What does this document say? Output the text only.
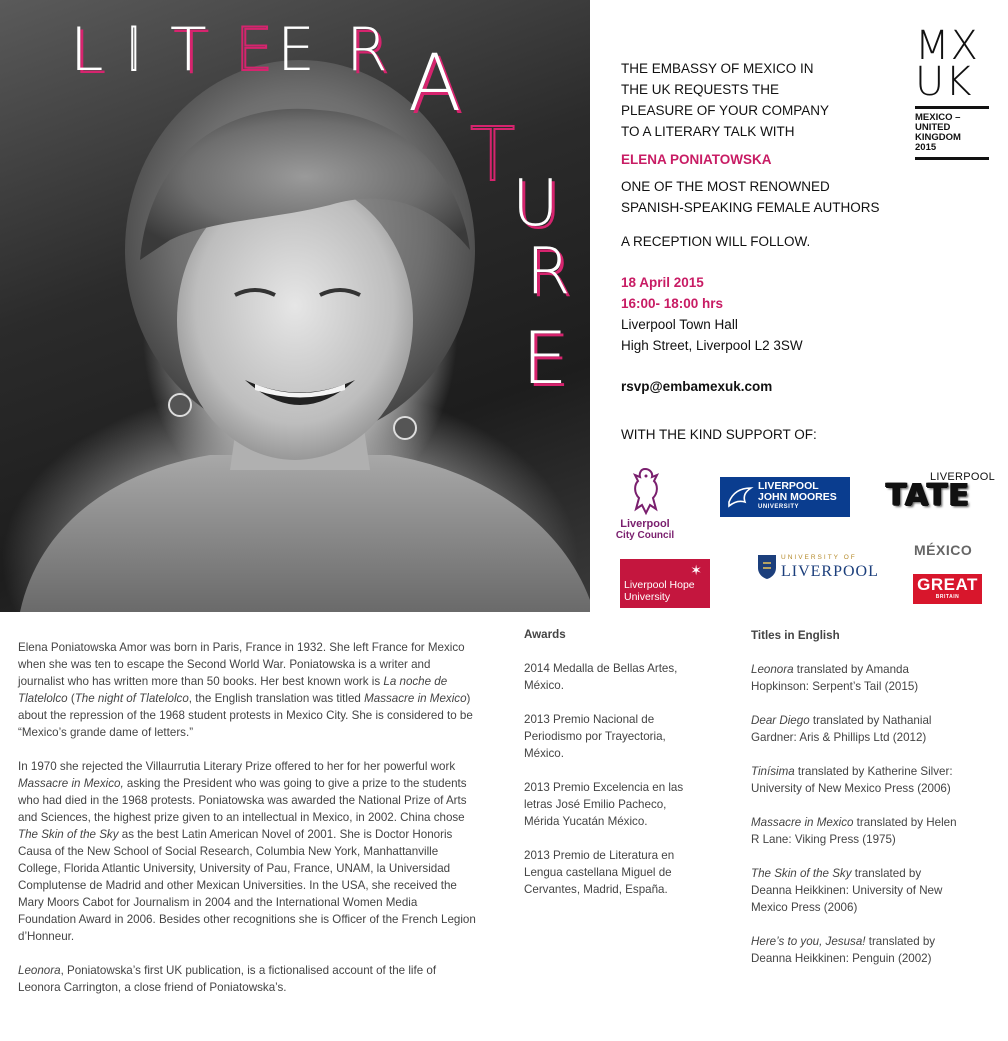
L I T E E R A
T
U
R
E
THE EMBASSY OF MEXICO IN
THE UK REQUESTS THE
PLEASURE OF YOUR COMPANY
TO A LITERARY TALK WITH
ELENA PONIATOWSKA
ONE OF THE MOST RENOWNED
SPANISH-SPEAKING FEMALE AUTHORS
A RECEPTION WILL FOLLOW.
18 April 2015
16:00- 18:00 hrs
Liverpool Town Hall
High Street, Liverpool L2 3SW
rsvp@embamexuk.com
WITH THE KIND SUPPORT OF:
MX
UK
MEXICO –
UNITED
KINGDOM
2015
Liverpool
City Council
LIVERPOOL
JOHN MOORES
UNIVERSITY
LIVERPOOL
TATE
MÉXICO
GREAT
BRITAIN
✶
Liverpool Hope
University
UNIVERSITY OF
LIVERPOOL

Elena Poniatowska Amor was born in Paris, France in 1932. She left France for Mexico when she was ten to escape the Second World War. Poniatowska is a writer and journalist who has written more than 50 books. Her best known work is La noche de Tlatelolco (The night of Tlatelolco, the English translation was titled Massacre in Mexico) about the repression of the 1968 student protests in Mexico City. She is considered to be “Mexico’s grande dame of letters.”

In 1970 she rejected the Villaurrutia Literary Prize offered to her for her powerful work Massacre in Mexico, asking the President who was going to give a prize to the students who had died in the 1968 protests. Poniatowska was awarded the National Prize of Arts and Sciences, the highest prize given to an intellectual in Mexico, in 2002. China chose The Skin of the Sky as the best Latin American Novel of 2001. She is Doctor Honoris Causa of the New School of Social Research, Columbia New York, Manhattanville College, Florida Atlantic University, University of Pau, France, UNAM, la Universidad Complutense de Madrid and other Mexican Universities. In the USA, she received the Mary Moors Cabot for Journalism in 2004 and the International Women Media Foundation Award in 2006. Besides other recognitions she is Officer of the French Legion d’Honneur.

Leonora, Poniatowska’s first UK publication, is a fictionalised account of the life of Leonora Carrington, a close friend of Poniatowska’s.

Awards
2014 Medalla de Bellas Artes, México.
2013 Premio Nacional de Periodismo por Trayectoria, México.
2013 Premio Excelencia en las letras José Emilio Pacheco, Mérida Yucatán México.
2013 Premio de Literatura en Lengua castellana Miguel de Cervantes, Madrid, España.
Titles in English
Leonora translated by Amanda Hopkinson: Serpent’s Tail (2015)
Dear Diego translated by Nathanial Gardner: Aris & Phillips Ltd (2012)
Tinísima translated by Katherine Silver: University of New Mexico Press (2006)
Massacre in Mexico translated by Helen R Lane: Viking Press (1975)
The Skin of the Sky translated by Deanna Heikkinen: University of New Mexico Press (2006)
Here’s to you, Jesusa! translated by Deanna Heikkinen: Penguin (2002)
